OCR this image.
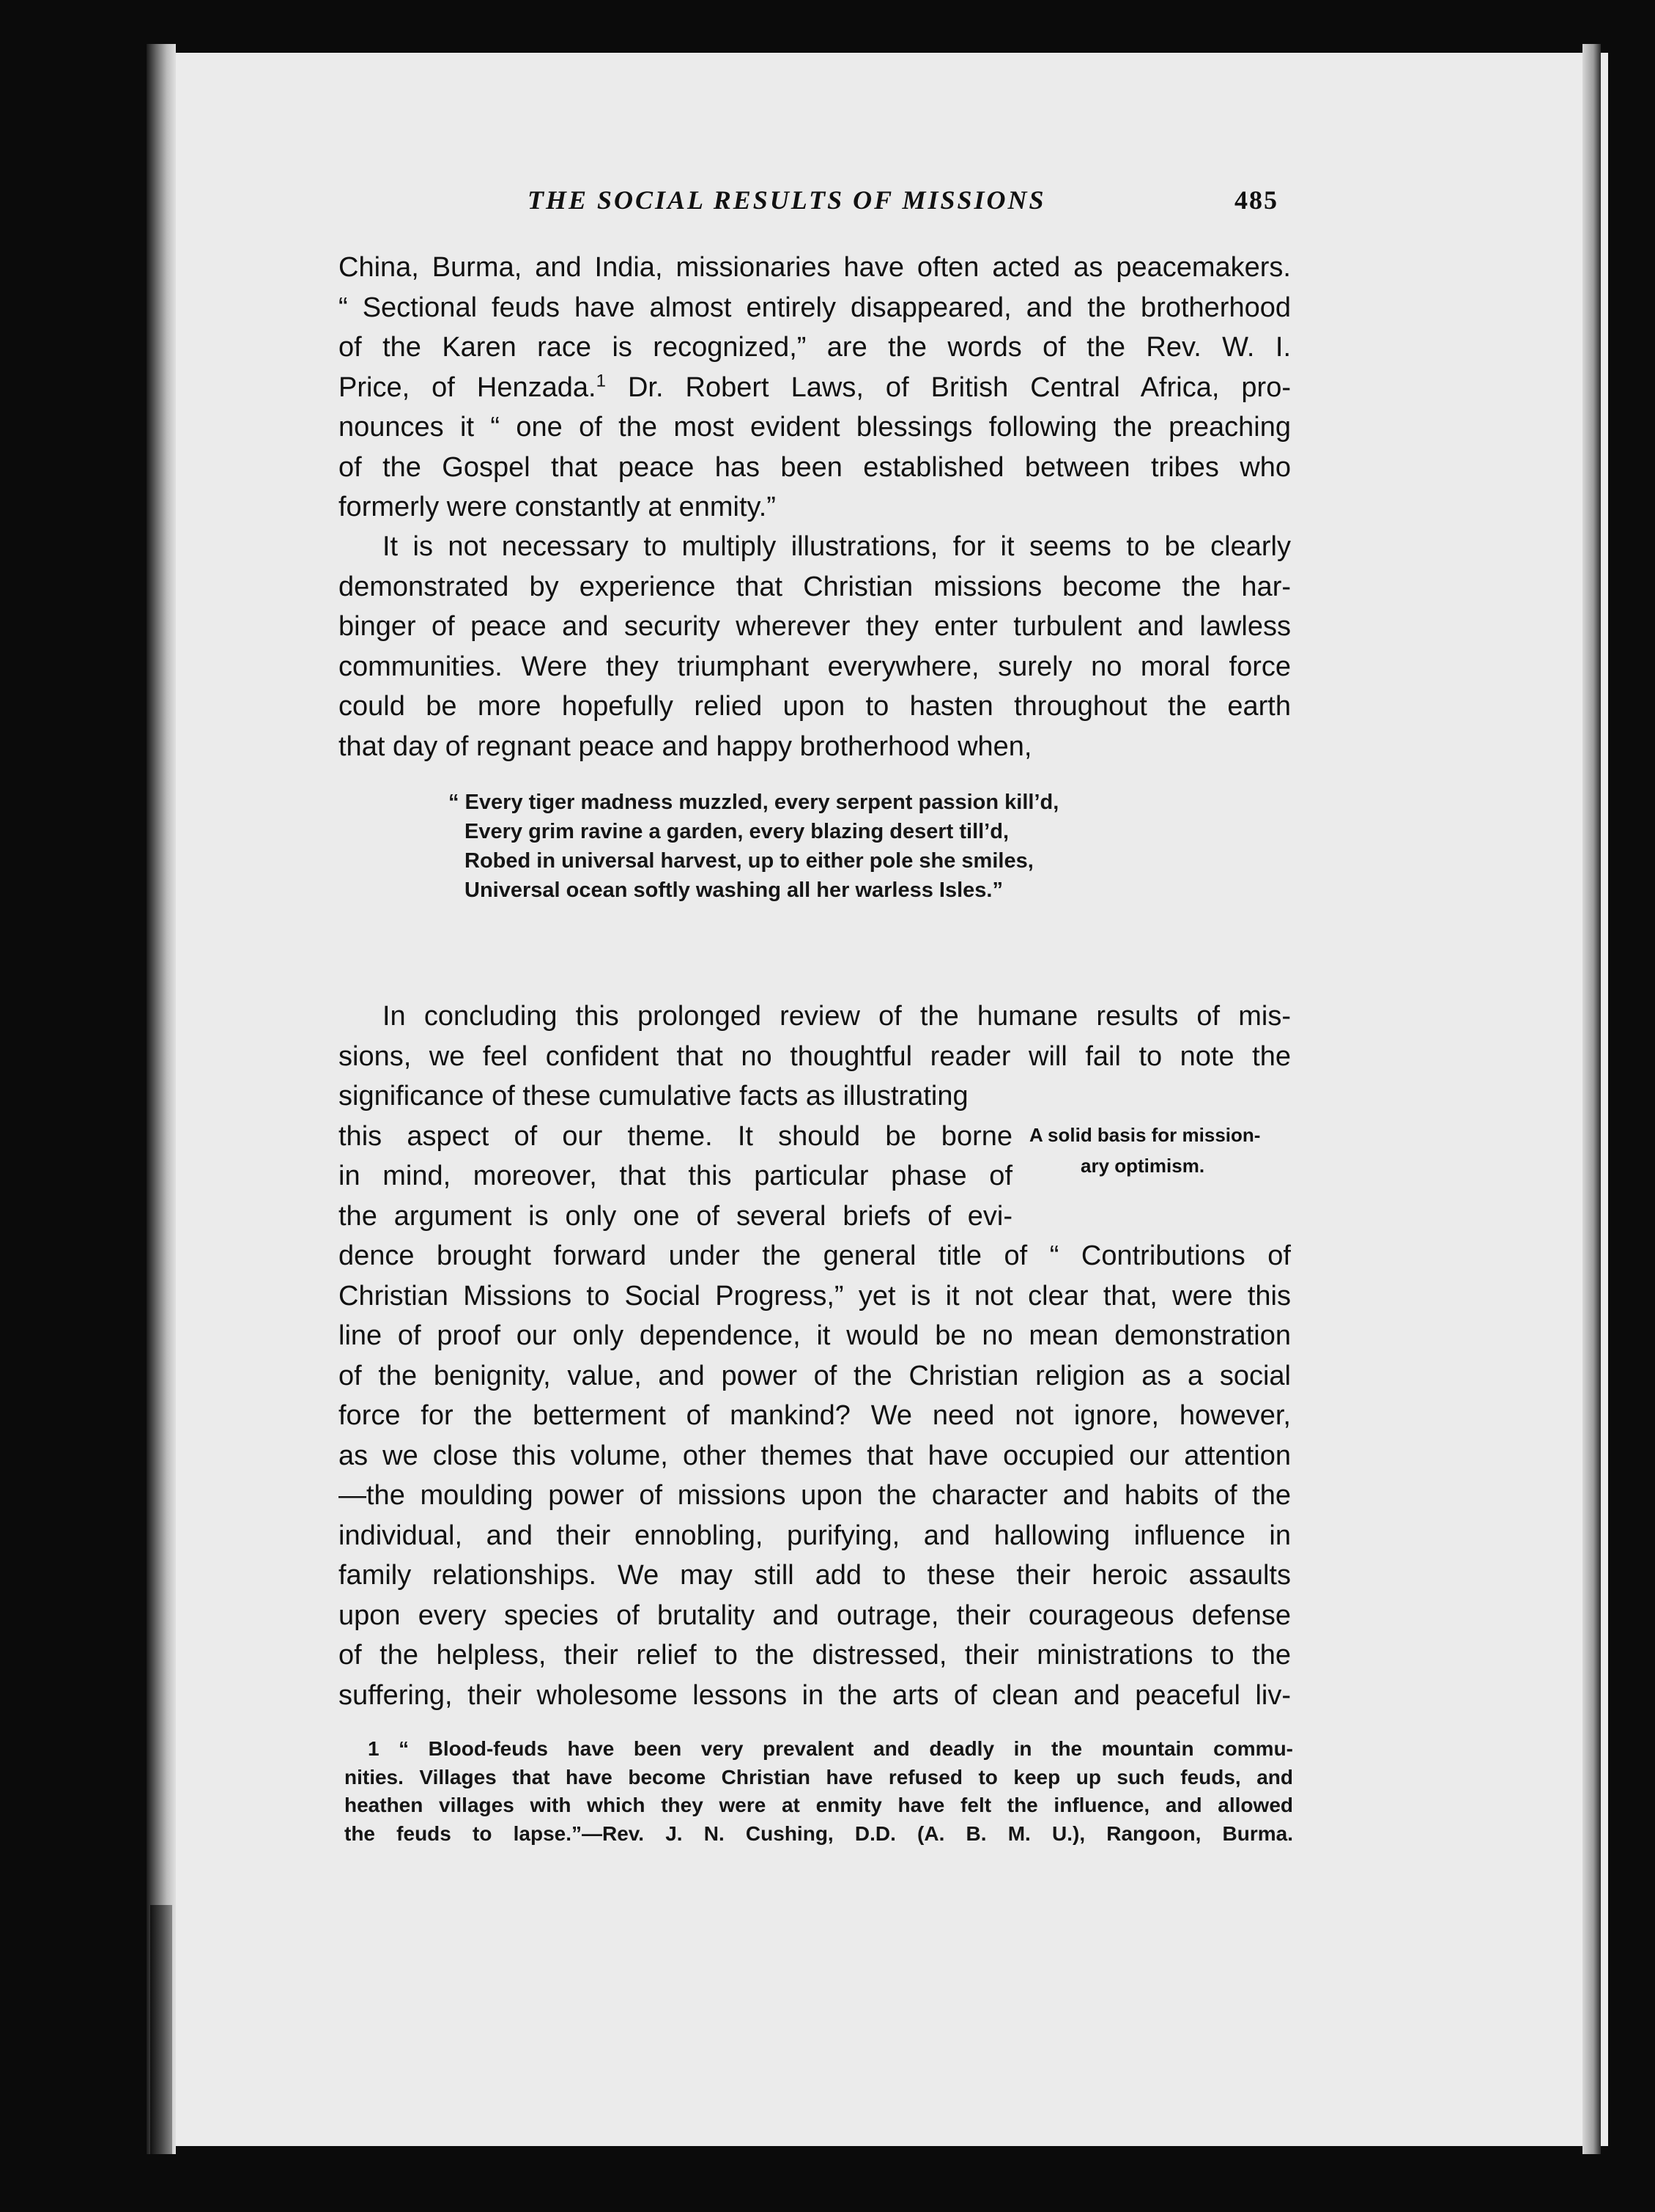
THE SOCIAL RESULTS OF MISSIONS	485
China, Burma, and India, missionaries have often acted as peacemakers.
“ Sectional feuds have almost entirely disappeared, and the brotherhood
of the Karen race is recognized,” are the words of the Rev. W. I.
Price, of Henzada.$^1$ Dr. Robert Laws, of British Central Africa, pro-
nounces it “ one of the most evident blessings following the preaching
of the Gospel that peace has been established between tribes who
formerly were constantly at enmity.”
It is not necessary to multiply illustrations, for it seems to be clearly
demonstrated by experience that Christian missions become the har-
binger of peace and security wherever they enter turbulent and lawless
communities. Were they triumphant everywhere, surely no moral force
could be more hopefully relied upon to hasten throughout the earth
that day of regnant peace and happy brotherhood when,
“ Every tiger madness muzzled, every serpent passion kill’d,
Every grim ravine a garden, every blazing desert till’d,
Robed in universal harvest, up to either pole she smiles,
Universal ocean softly washing all her warless Isles.”
In concluding this prolonged review of the humane results of mis-
sions, we feel confident that no thoughtful reader will fail to note the
significance of these cumulative facts as illustrating
this aspect of our theme. It should be borne
in mind, moreover, that this particular phase of
the argument is only one of several briefs of evi-
dence brought forward under the general title of “ Contributions of
Christian Missions to Social Progress,” yet is it not clear that, were this
line of proof our only dependence, it would be no mean demonstration
of the benignity, value, and power of the Christian religion as a social
force for the betterment of mankind? We need not ignore, however,
as we close this volume, other themes that have occupied our attention
—the moulding power of missions upon the character and habits of the
individual, and their ennobling, purifying, and hallowing influence in
family relationships. We may still add to these their heroic assaults
upon every species of brutality and outrage, their courageous defense
of the helpless, their relief to the distressed, their ministrations to the
suffering, their wholesome lessons in the arts of clean and peaceful liv-
A solid basis for mission-
ary optimism.
1 “ Blood-feuds have been very prevalent and deadly in the mountain commu-
nities. Villages that have become Christian have refused to keep up such feuds, and
heathen villages with which they were at enmity have felt the influence, and allowed
the feuds to lapse.”—Rev. J. N. Cushing, D.D. (A. B. M. U.), Rangoon, Burma.
